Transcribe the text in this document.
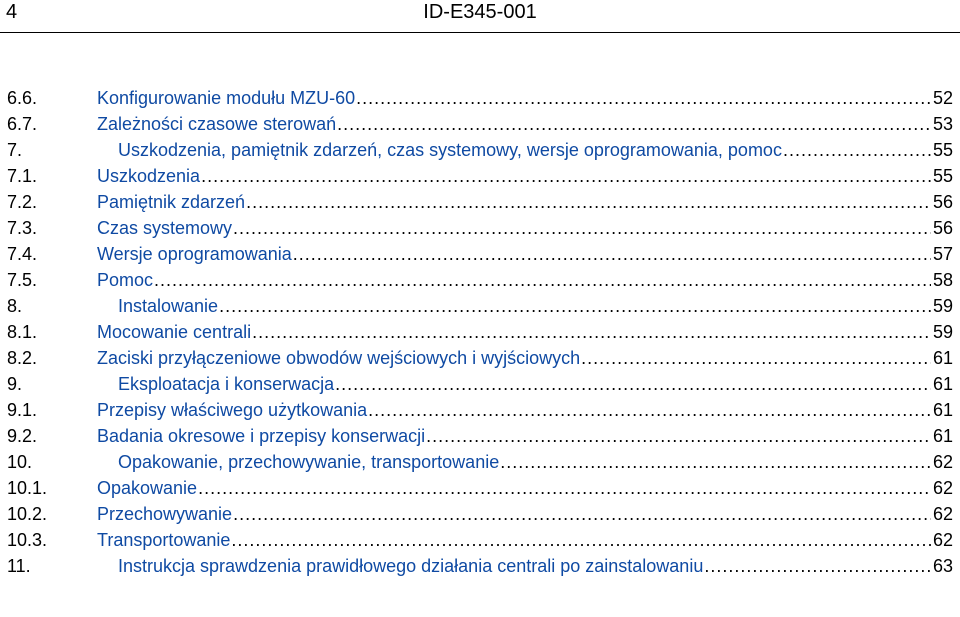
4	ID-E345-001
6.6.	Konfigurowanie modułu MZU-60 .....	52
6.7.	Zależności czasowe sterowań .....	53
7.	Uszkodzenia, pamiętnik zdarzeń, czas systemowy, wersje oprogramowania, pomoc .....	55
7.1.	Uszkodzenia .....	55
7.2.	Pamiętnik zdarzeń .....	56
7.3.	Czas systemowy .....	56
7.4.	Wersje oprogramowania .....	57
7.5.	Pomoc .....	58
8.	Instalowanie .....	59
8.1.	Mocowanie centrali .....	59
8.2.	Zaciski przyłączeniowe obwodów wejściowych i wyjściowych .....	61
9.	Eksploatacja i konserwacja .....	61
9.1.	Przepisy właściwego użytkowania .....	61
9.2.	Badania okresowe i przepisy konserwacji .....	61
10.	Opakowanie, przechowywanie, transportowanie .....	62
10.1.	Opakowanie .....	62
10.2.	Przechowywanie .....	62
10.3.	Transportowanie .....	62
11.	Instrukcja sprawdzenia prawidłowego działania centrali po zainstalowaniu .....	63
